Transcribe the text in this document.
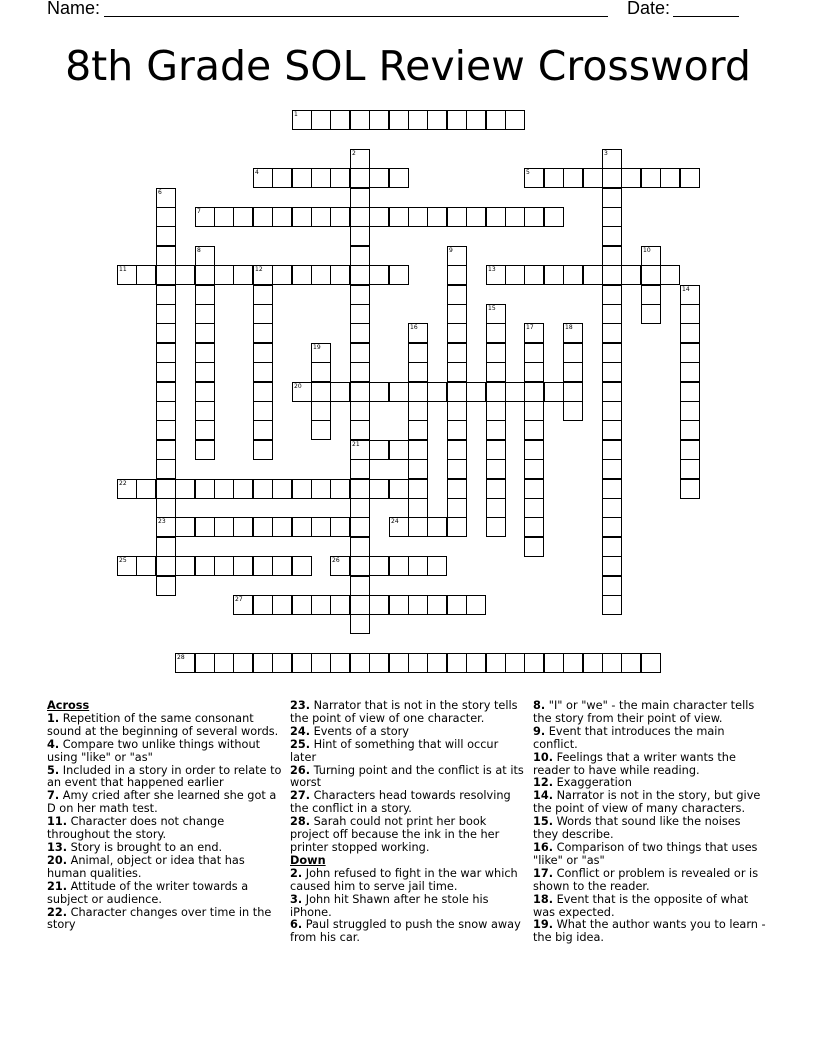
Name:	Date:
8th Grade SOL Review Crossword
1
4	5
7
11	12	13
20
21
22
23	24
25	26
27
28
2	3
6
8	9	10
14
15
16	17	18
19

Across

1. Repetition of the same consonant sound at the beginning of several words.

4. Compare two unlike things without using "like" or "as"

5. Included in a story in order to relate to an event that happened earlier

7. Amy cried after she learned she got a D on her math test.

11. Character does not change throughout the story.

13. Story is brought to an end.

20. Animal, object or idea that has human qualities.

21. Attitude of the writer towards a subject or audience.

22. Character changes over time in the story

23. Narrator that is not in the story tells the point of view of one character.

24. Events of a story

25. Hint of something that will occur later

26. Turning point and the conflict is at its worst

27. Characters head towards resolving the conflict in a story.

28. Sarah could not print her book project off because the ink in the her printer stopped working.

Down

2. John refused to fight in the war which caused him to serve jail time.

3. John hit Shawn after he stole his iPhone.

6. Paul struggled to push the snow away from his car.

8. "I" or "we" - the main character tells the story from their point of view.

9. Event that introduces the main conflict.

10. Feelings that a writer wants the reader to have while reading.

12. Exaggeration

14. Narrator is not in the story, but give the point of view of many characters.

15. Words that sound like the noises they describe.

16. Comparison of two things that uses "like" or "as"

17. Conflict or problem is revealed or is shown to the reader.

18. Event that is the opposite of what was expected.

19. What the author wants you to learn - the big idea.
